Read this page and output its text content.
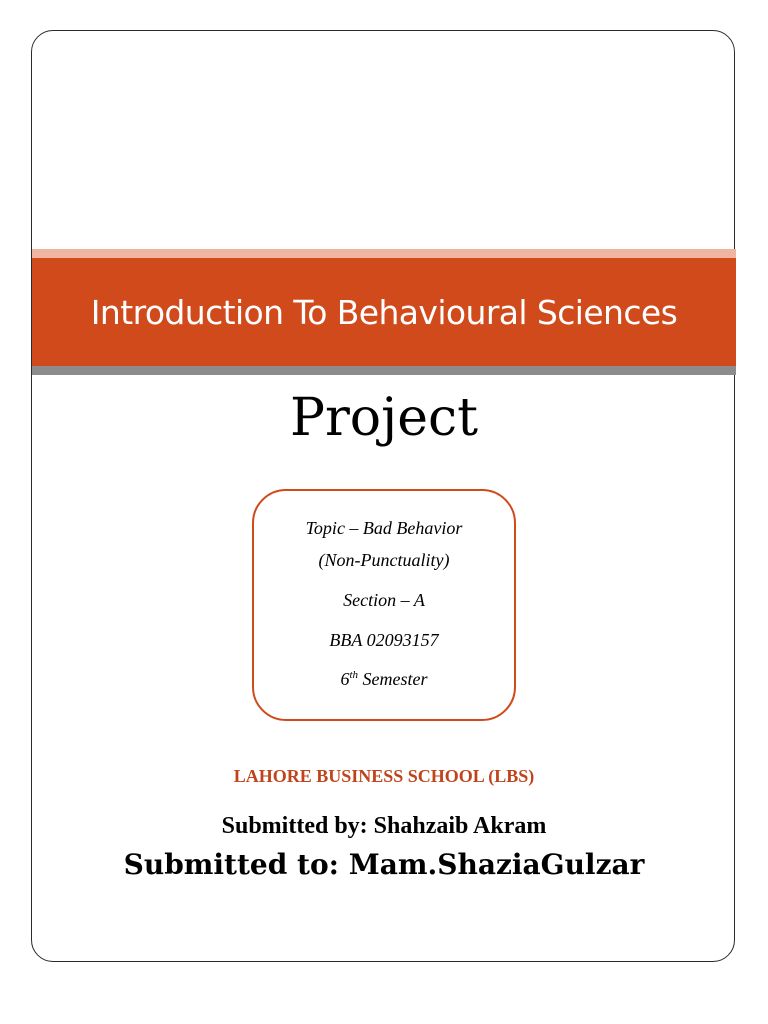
Introduction To Behavioural Sciences
Project
Topic – Bad Behavior
(Non-Punctuality)
Section – A
BBA 02093157
6th Semester
LAHORE BUSINESS SCHOOL (LBS)
Submitted by: Shahzaib Akram
Submitted to: Mam.ShaziaGulzar
